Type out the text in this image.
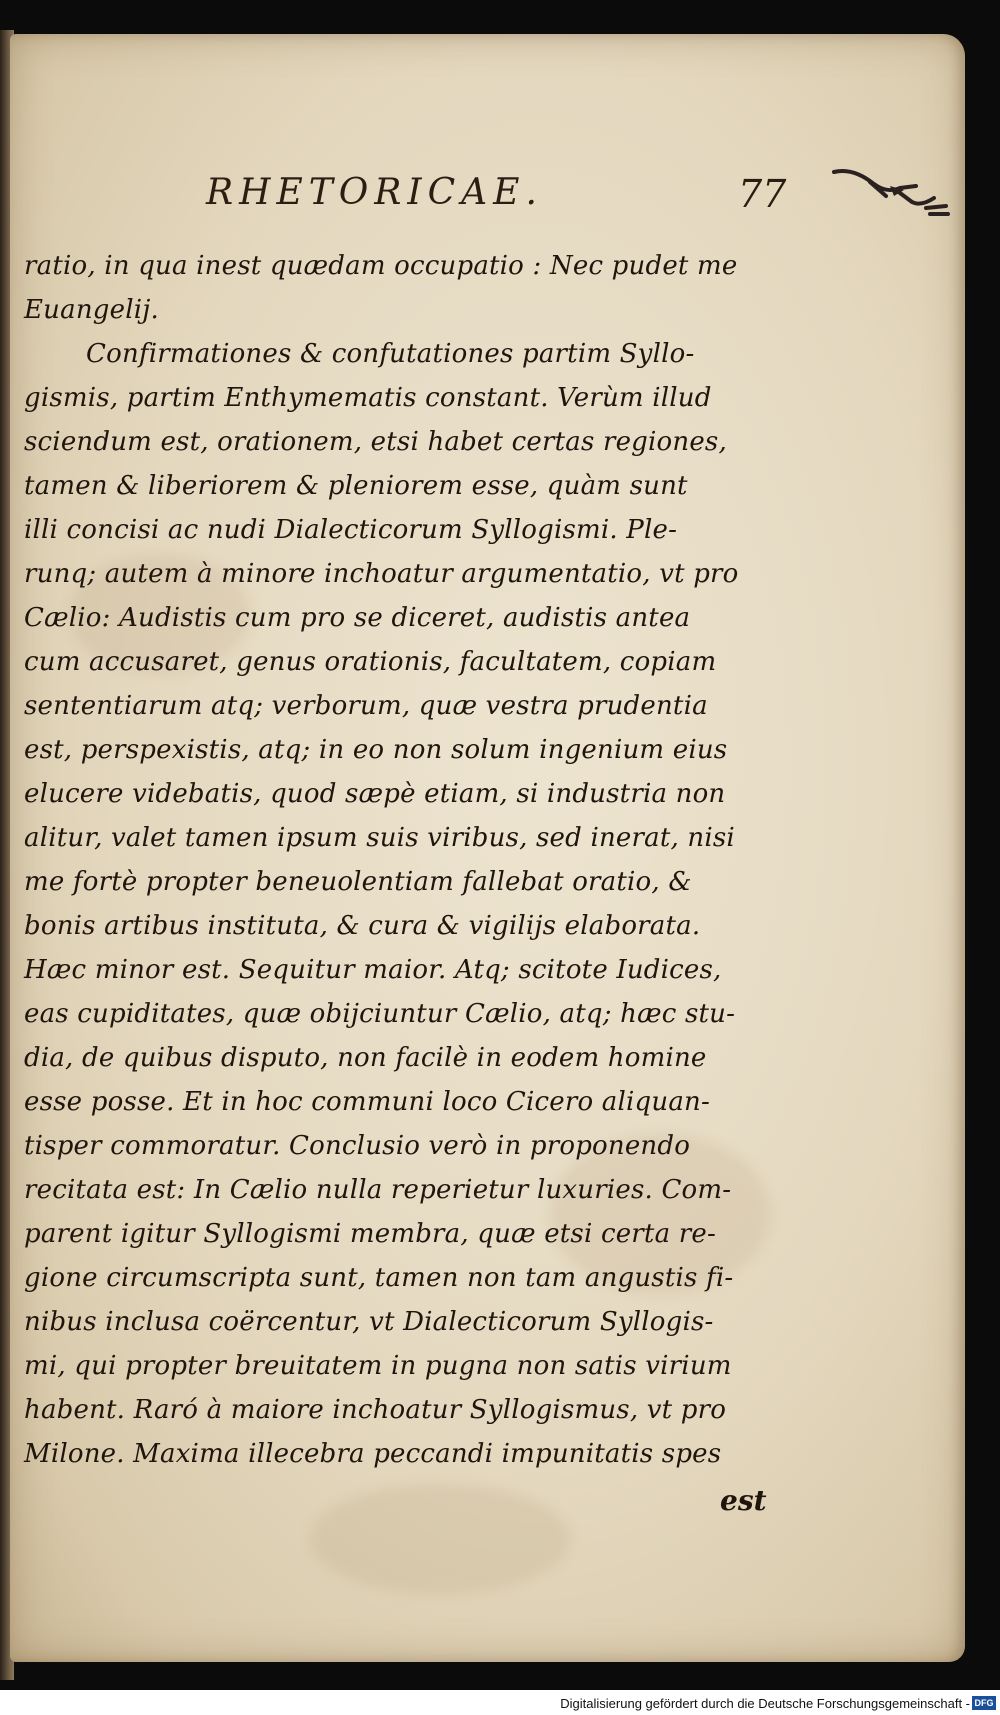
RHETORICAE.	77
ratio, in qua inest quædam occupatio : Nec pudet me
Euangelij.
Confirmationes & confutationes partim Syllo-
gismis, partim Enthymematis constant. Verùm illud
sciendum est, orationem, etsi habet certas regiones,
tamen & liberiorem & pleniorem esse, quàm sunt
illi concisi ac nudi Dialecticorum Syllogismi. Ple-
runq; autem à minore inchoatur argumentatio, vt pro
Cælio: Audistis cum pro se diceret, audistis antea
cum accusaret, genus orationis, facultatem, copiam
sententiarum atq; verborum, quæ vestra prudentia
est, perspexistis, atq; in eo non solum ingenium eius
elucere videbatis, quod sæpè etiam, si industria non
alitur, valet tamen ipsum suis viribus, sed inerat, nisi
me fortè propter beneuolentiam fallebat oratio, &
bonis artibus instituta, & cura & vigilijs elaborata.
Hæc minor est. Sequitur maior. Atq; scitote Iudices,
eas cupiditates, quæ obijciuntur Cælio, atq; hæc stu-
dia, de quibus disputo, non facilè in eodem homine
esse posse. Et in hoc communi loco Cicero aliquan-
tisper commoratur. Conclusio verò in proponendo
recitata est: In Cælio nulla reperietur luxuries. Com-
parent igitur Syllogismi membra, quæ etsi certa re-
gione circumscripta sunt, tamen non tam angustis fi-
nibus inclusa coërcentur, vt Dialecticorum Syllogis-
mi, qui propter breuitatem in pugna non satis virium
habent. Raró à maiore inchoatur Syllogismus, vt pro
Milone. Maxima illecebra peccandi impunitatis spes
est
Digitalisierung gefördert durch die Deutsche Forschungsgemeinschaft - DFG
